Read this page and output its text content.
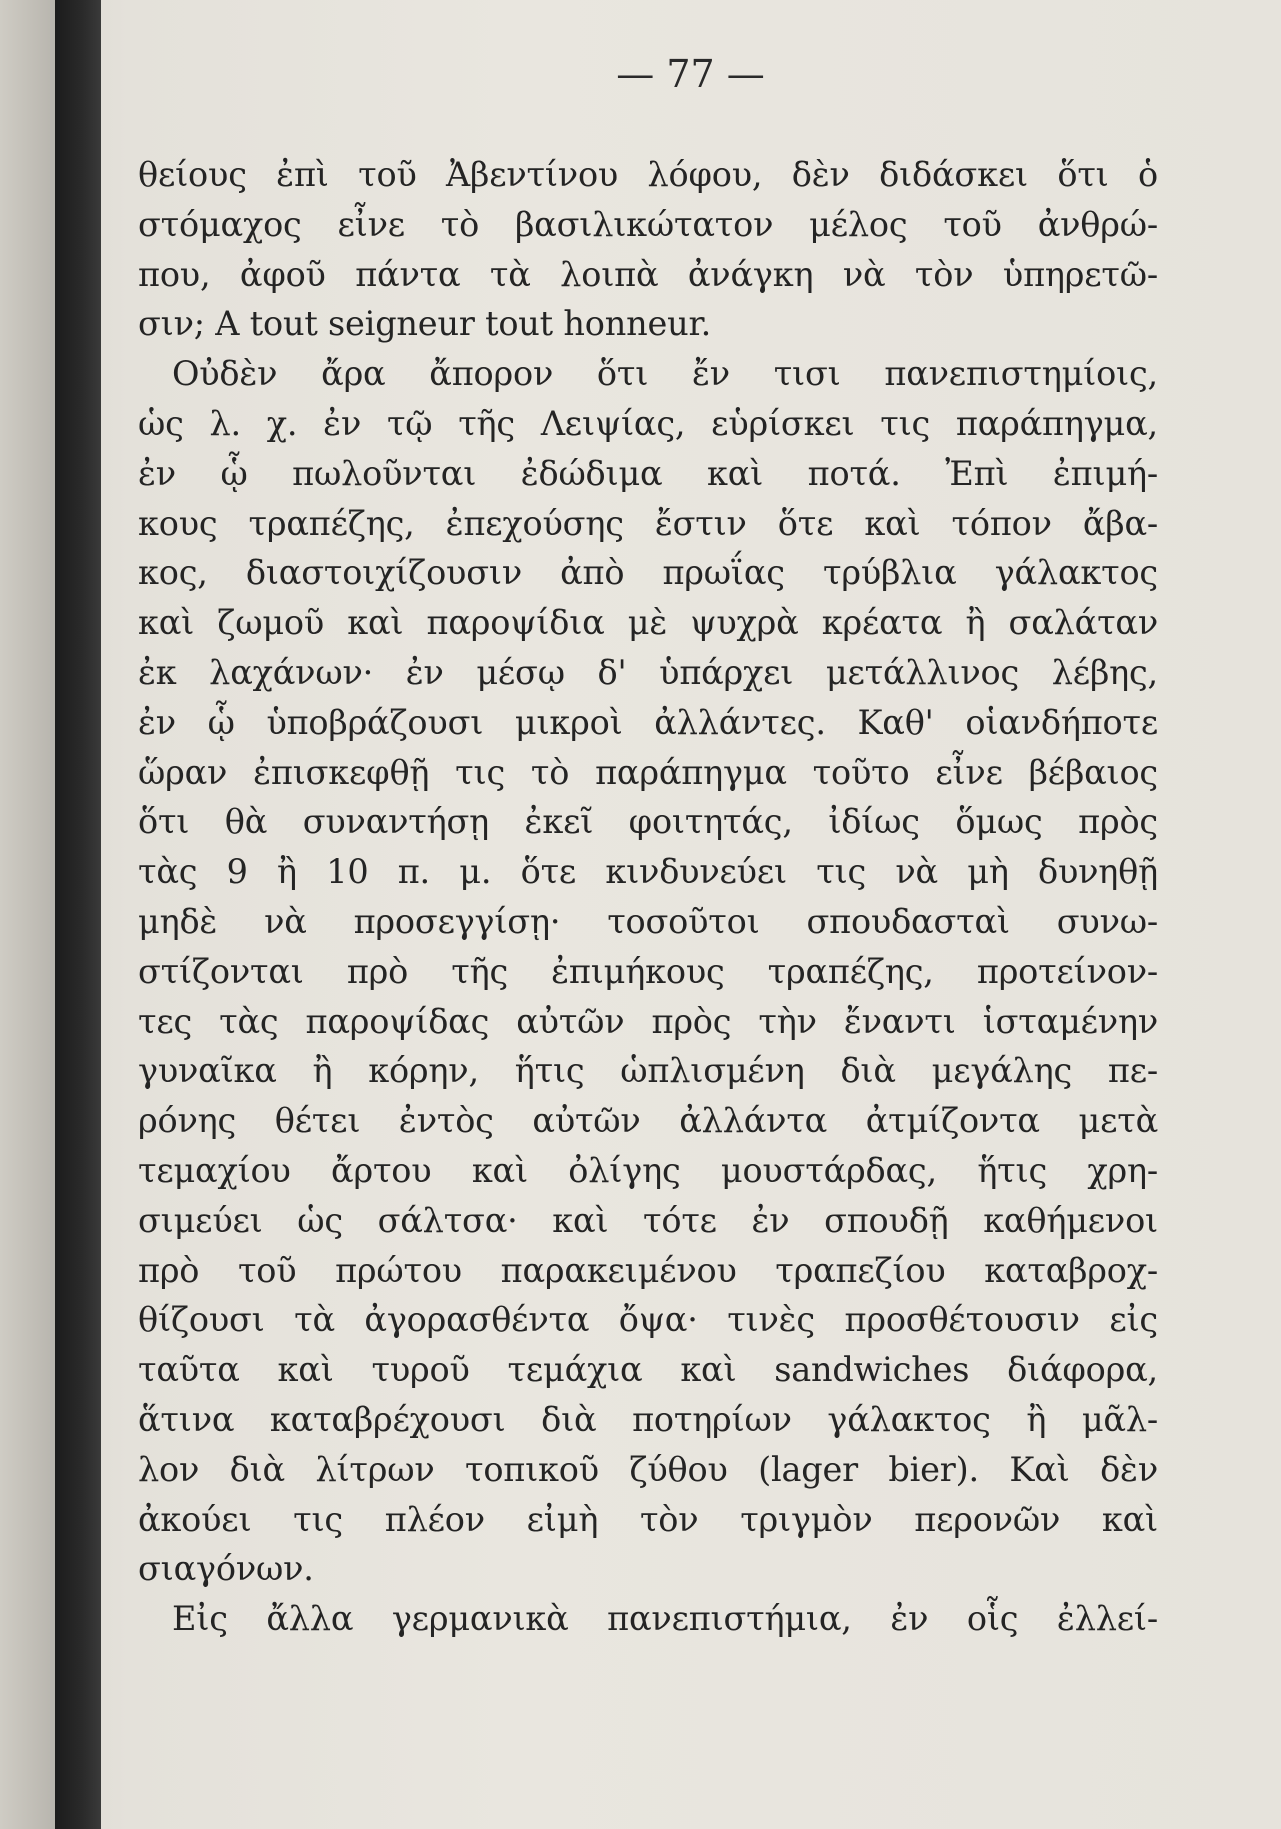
— 77 —
θείους ἐπὶ τοῦ Ἀβεντίνου λόφου, δὲν διδάσκει ὅτι ὁ
στόμαχος εἶνε τὸ βασιλικώτατον μέλος τοῦ ἀνθρώ-
που, ἀφοῦ πάντα τὰ λοιπὰ ἀνάγκη νὰ τὸν ὑπηρετῶ-
σιν; A tout seigneur tout honneur.
Οὐδὲν ἄρα ἄπορον ὅτι ἔν τισι πανεπιστημίοις,
ὡς λ. χ. ἐν τῷ τῆς Λειψίας, εὑρίσκει τις παράπηγμα,
ἐν ᾧ πωλοῦνται ἐδώδιμα καὶ ποτά. Ἐπὶ ἐπιμή-
κους τραπέζης, ἐπεχούσης ἔστιν ὅτε καὶ τόπον ἄβα-
κος, διαστοιχίζουσιν ἀπὸ πρωΐας τρύβλια γάλακτος
καὶ ζωμοῦ καὶ παροψίδια μὲ ψυχρὰ κρέατα ἢ σαλάταν
ἐκ λαχάνων· ἐν μέσῳ δ' ὑπάρχει μετάλλινος λέβης,
ἐν ᾧ ὑποβράζουσι μικροὶ ἀλλάντες. Καθ' οἱανδήποτε
ὥραν ἐπισκεφθῇ τις τὸ παράπηγμα τοῦτο εἶνε βέβαιος
ὅτι θὰ συναντήσῃ ἐκεῖ φοιτητάς, ἰδίως ὅμως πρὸς
τὰς 9 ἢ 10 π. μ. ὅτε κινδυνεύει τις νὰ μὴ δυνηθῇ
μηδὲ νὰ προσεγγίσῃ· τοσοῦτοι σπουδασταὶ συνω-
στίζονται πρὸ τῆς ἐπιμήκους τραπέζης, προτείνον-
τες τὰς παροψίδας αὐτῶν πρὸς τὴν ἔναντι ἱσταμένην
γυναῖκα ἢ κόρην, ἥτις ὡπλισμένη διὰ μεγάλης πε-
ρόνης θέτει ἐντὸς αὐτῶν ἀλλάντα ἀτμίζοντα μετὰ
τεμαχίου ἄρτου καὶ ὀλίγης μουστάρδας, ἥτις χρη-
σιμεύει ὡς σάλτσα· καὶ τότε ἐν σπουδῇ καθήμενοι
πρὸ τοῦ πρώτου παρακειμένου τραπεζίου καταβροχ-
θίζουσι τὰ ἀγορασθέντα ὄψα· τινὲς προσθέτουσιν εἰς
ταῦτα καὶ τυροῦ τεμάχια καὶ sandwiches διάφορα,
ἅτινα καταβρέχουσι διὰ ποτηρίων γάλακτος ἢ μᾶλ-
λον διὰ λίτρων τοπικοῦ ζύθου (lager bier). Καὶ δὲν
ἀκούει τις πλέον εἰμὴ τὸν τριγμὸν περονῶν καὶ
σιαγόνων.
Εἰς ἄλλα γερμανικὰ πανεπιστήμια, ἐν οἷς ἐλλεί-
